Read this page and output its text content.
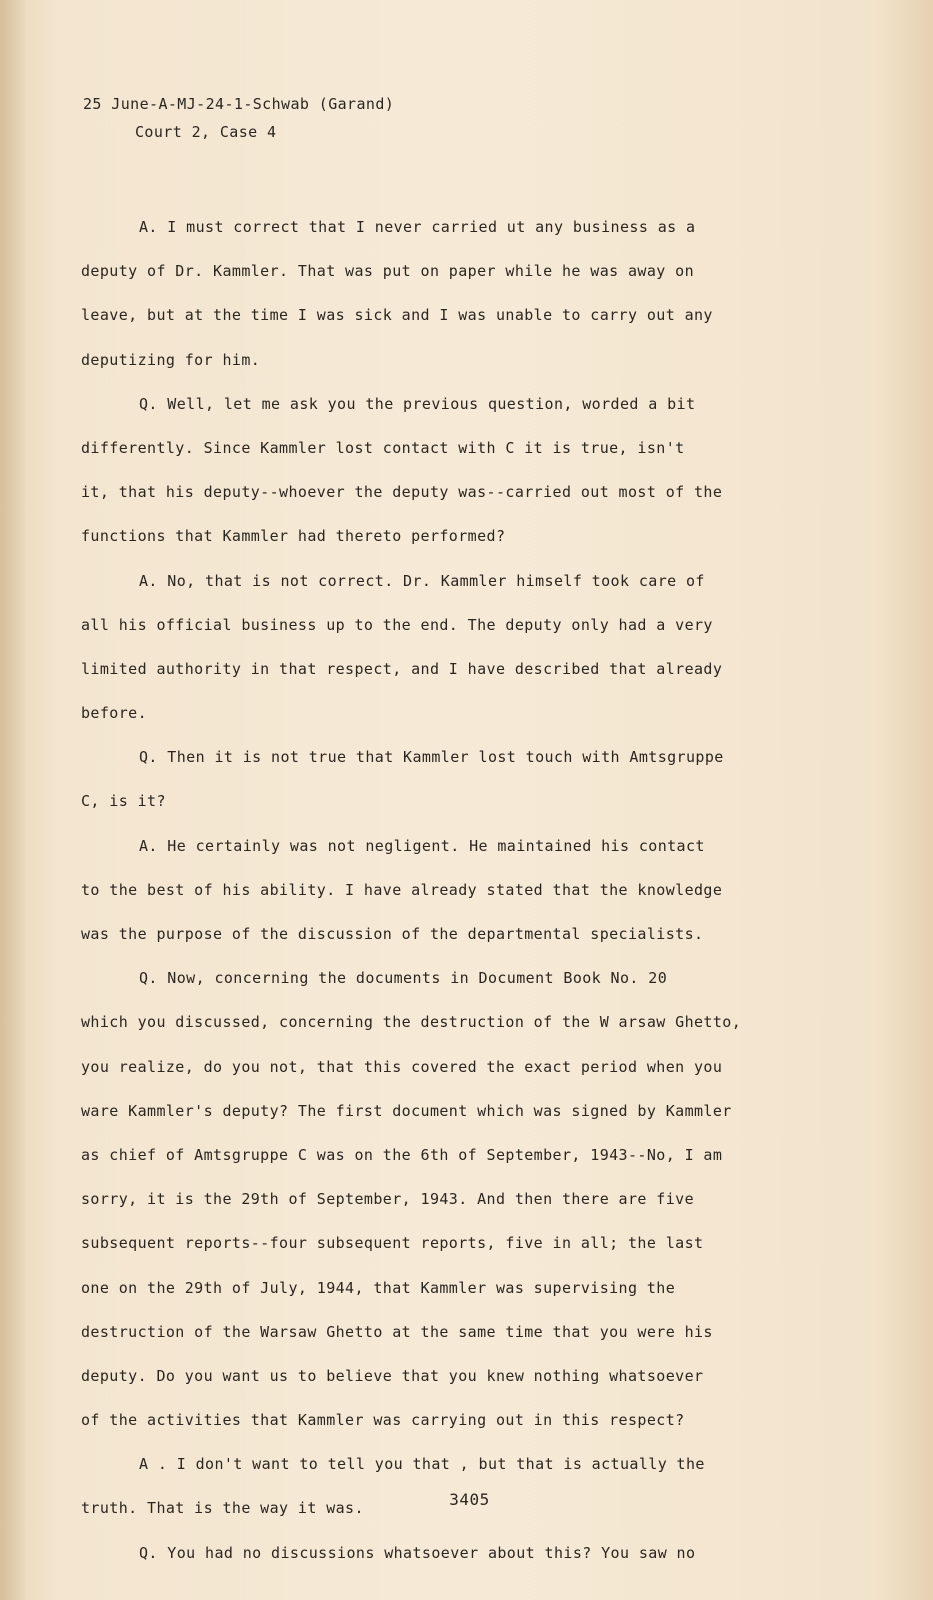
25 June-A-MJ-24-1-Schwab (Garand)
Court 2, Case 4
A. I must correct that I never carried ut any business as a
deputy of Dr. Kammler. That was put on paper while he was away on
leave, but at the time I was sick and I was unable to carry out any
deputizing for him.
Q. Well, let me ask you the previous question, worded a bit
differently. Since Kammler lost contact with C it is true, isn't
it, that his deputy--whoever the deputy was--carried out most of the
functions that Kammler had thereto performed?
A. No, that is not correct. Dr. Kammler himself took care of
all his official business up to the end. The deputy only had a very
limited authority in that respect, and I have described that already
before.
Q. Then it is not true that Kammler lost touch with Amtsgruppe
C, is it?
A. He certainly was not negligent. He maintained his contact
to the best of his ability. I have already stated that the knowledge
was the purpose of the discussion of the departmental specialists.
Q. Now, concerning the documents in Document Book No. 20
which you discussed, concerning the destruction of the W arsaw Ghetto,
you realize, do you not, that this covered the exact period when you
ware Kammler's deputy? The first document which was signed by Kammler
as chief of Amtsgruppe C was on the 6th of September, 1943--No, I am
sorry, it is the 29th of September, 1943. And then there are five
subsequent reports--four subsequent reports, five in all; the last
one on the 29th of July, 1944, that Kammler was supervising the
destruction of the Warsaw Ghetto at the same time that you were his
deputy. Do you want us to believe that you knew nothing whatsoever
of the activities that Kammler was carrying out in this respect?
A . I don't want to tell you that , but that is actually the
truth. That is the way it was.
Q. You had no discussions whatsoever about this? You saw no
3405
